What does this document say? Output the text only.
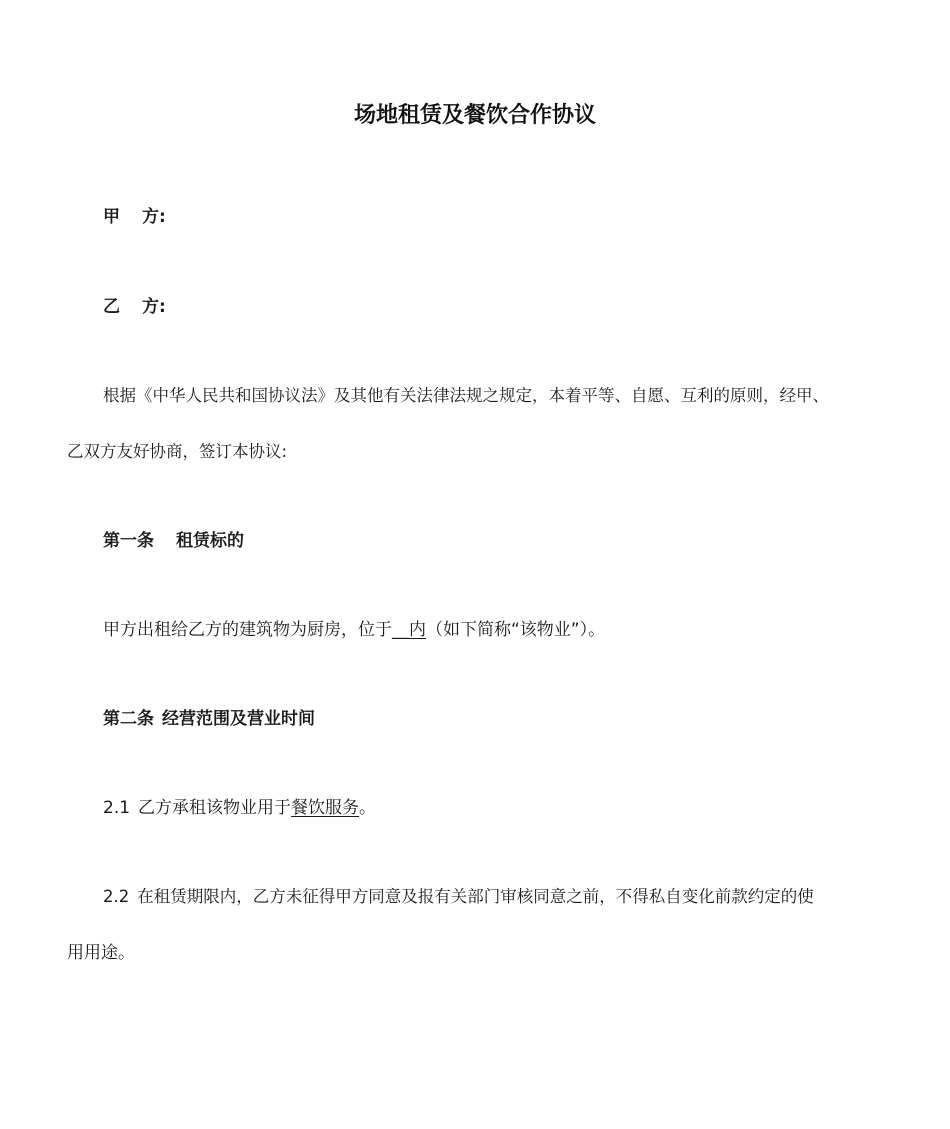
场地租赁及餐饮合作协议
甲 方:
乙 方:
根据《中华人民共和国协议法》及其他有关法律法规之规定，本着平等、自愿、互利的原则，经甲、
乙双方友好协商，签订本协议:
第一条 租赁标的
甲方出租给乙方的建筑物为厨房，位于__内（如下简称“该物业”）。
第二条 经营范围及营业时间
2.1 乙方承租该物业用于餐饮服务。
2.2 在租赁期限内，乙方未征得甲方同意及报有关部门审核同意之前，不得私自变化前款约定的使
用用途。
